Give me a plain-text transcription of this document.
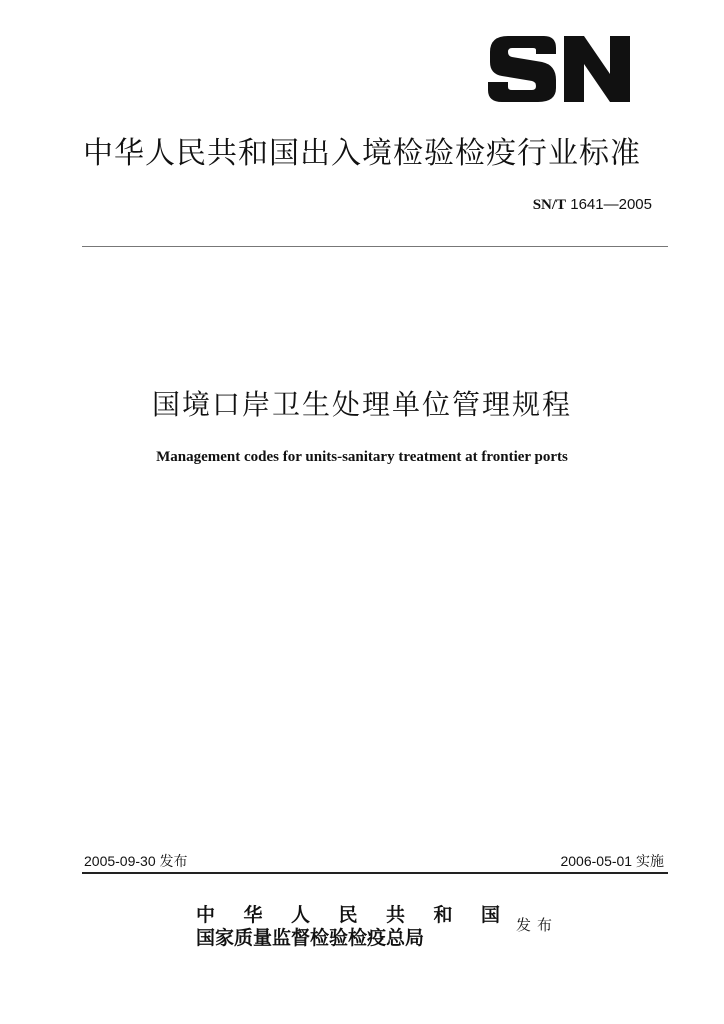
中华人民共和国出入境检验检疫行业标准
SN/T 1641—2005
国境口岸卫生处理单位管理规程
Management codes for units-sanitary treatment at frontier ports
2005-09-30 发布	2006-05-01 实施
中 华 人 民 共 和 国
国家质量监督检验检疫总局
发布
